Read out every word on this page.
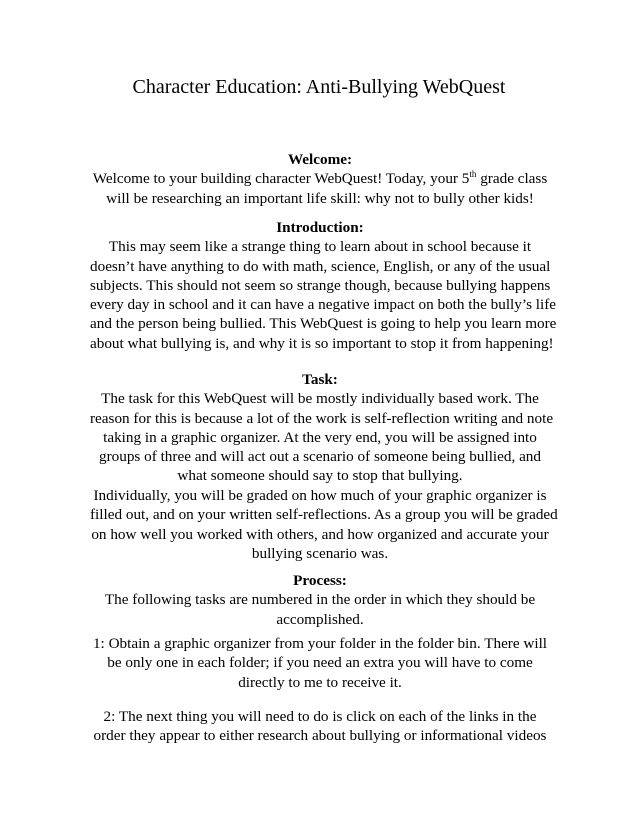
Character Education: Anti-Bullying WebQuest
Welcome:
Welcome to your building character WebQuest! Today, your 5th grade class
will be researching an important life skill: why not to bully other kids!
Introduction:
This may seem like a strange thing to learn about in school because it
doesn’t have anything to do with math, science, English, or any of the usual
subjects. This should not seem so strange though, because bullying happens
every day in school and it can have a negative impact on both the bully’s life
and the person being bullied. This WebQuest is going to help you learn more
about what bullying is, and why it is so important to stop it from happening!
Task:
The task for this WebQuest will be mostly individually based work. The
reason for this is because a lot of the work is self-reflection writing and note
taking in a graphic organizer. At the very end, you will be assigned into
groups of three and will act out a scenario of someone being bullied, and
what someone should say to stop that bullying.
Individually, you will be graded on how much of your graphic organizer is
filled out, and on your written self-reflections. As a group you will be graded
on how well you worked with others, and how organized and accurate your
bullying scenario was.
Process:
The following tasks are numbered in the order in which they should be
accomplished.
1: Obtain a graphic organizer from your folder in the folder bin. There will
be only one in each folder; if you need an extra you will have to come
directly to me to receive it.
2: The next thing you will need to do is click on each of the links in the
order they appear to either research about bullying or informational videos
